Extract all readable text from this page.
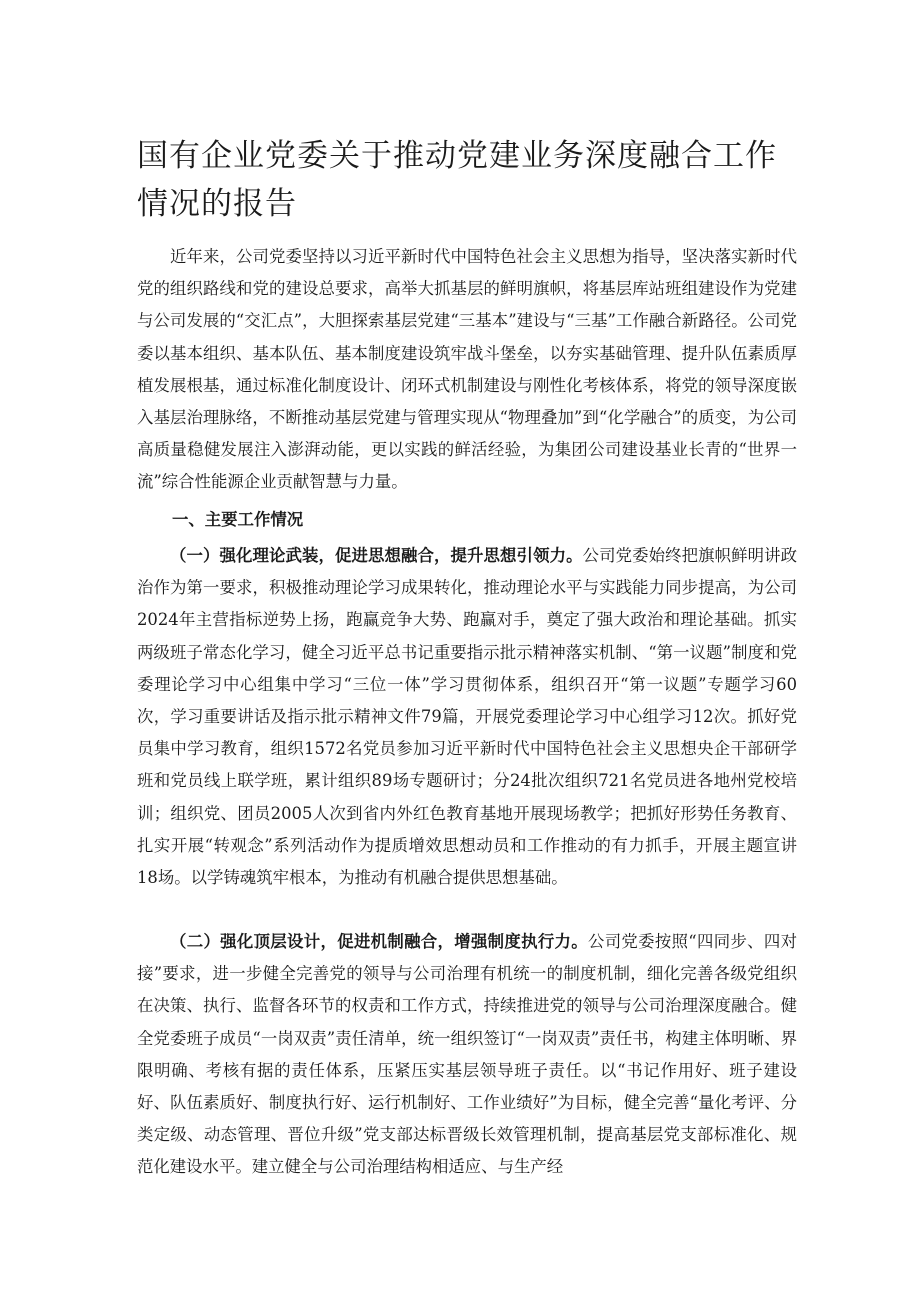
国有企业党委关于推动党建业务深度融合工作情况的报告

近年来，公司党委坚持以习近平新时代中国特色社会主义思想为指导，坚决落实新时代党的组织路线和党的建设总要求，高举大抓基层的鲜明旗帜，将基层库站班组建设作为党建与公司发展的“交汇点”，大胆探索基层党建“三基本”建设与“三基”工作融合新路径。公司党委以基本组织、基本队伍、基本制度建设筑牢战斗堡垒，以夯实基础管理、提升队伍素质厚植发展根基，通过标准化制度设计、闭环式机制建设与刚性化考核体系，将党的领导深度嵌入基层治理脉络，不断推动基层党建与管理实现从“物理叠加”到“化学融合”的质变，为公司高质量稳健发展注入澎湃动能，更以实践的鲜活经验，为集团公司建设基业长青的“世界一流”综合性能源企业贡献智慧与力量。

一、主要工作情况

（一）强化理论武装，促进思想融合，提升思想引领力。公司党委始终把旗帜鲜明讲政治作为第一要求，积极推动理论学习成果转化，推动理论水平与实践能力同步提高，为公司2024年主营指标逆势上扬，跑赢竞争大势、跑赢对手，奠定了强大政治和理论基础。抓实两级班子常态化学习，健全习近平总书记重要指示批示精神落实机制、“第一议题”制度和党委理论学习中心组集中学习“三位一体”学习贯彻体系，组织召开“第一议题”专题学习60次，学习重要讲话及指示批示精神文件79篇，开展党委理论学习中心组学习12次。抓好党员集中学习教育，组织1572名党员参加习近平新时代中国特色社会主义思想央企干部研学班和党员线上联学班，累计组织89场专题研讨；分24批次组织721名党员进各地州党校培训；组织党、团员2005人次到省内外红色教育基地开展现场教学；把抓好形势任务教育、扎实开展“转观念”系列活动作为提质增效思想动员和工作推动的有力抓手，开展主题宣讲18场。以学铸魂筑牢根本，为推动有机融合提供思想基础。

（二）强化顶层设计，促进机制融合，增强制度执行力。公司党委按照“四同步、四对接”要求，进一步健全完善党的领导与公司治理有机统一的制度机制，细化完善各级党组织在决策、执行、监督各环节的权责和工作方式，持续推进党的领导与公司治理深度融合。健全党委班子成员“一岗双责”责任清单，统一组织签订“一岗双责”责任书，构建主体明晰、界限明确、考核有据的责任体系，压紧压实基层领导班子责任。以“书记作用好、班子建设好、队伍素质好、制度执行好、运行机制好、工作业绩好”为目标，健全完善“量化考评、分类定级、动态管理、晋位升级”党支部达标晋级长效管理机制，提高基层党支部标准化、规范化建设水平。建立健全与公司治理结构相适应、与生产经
